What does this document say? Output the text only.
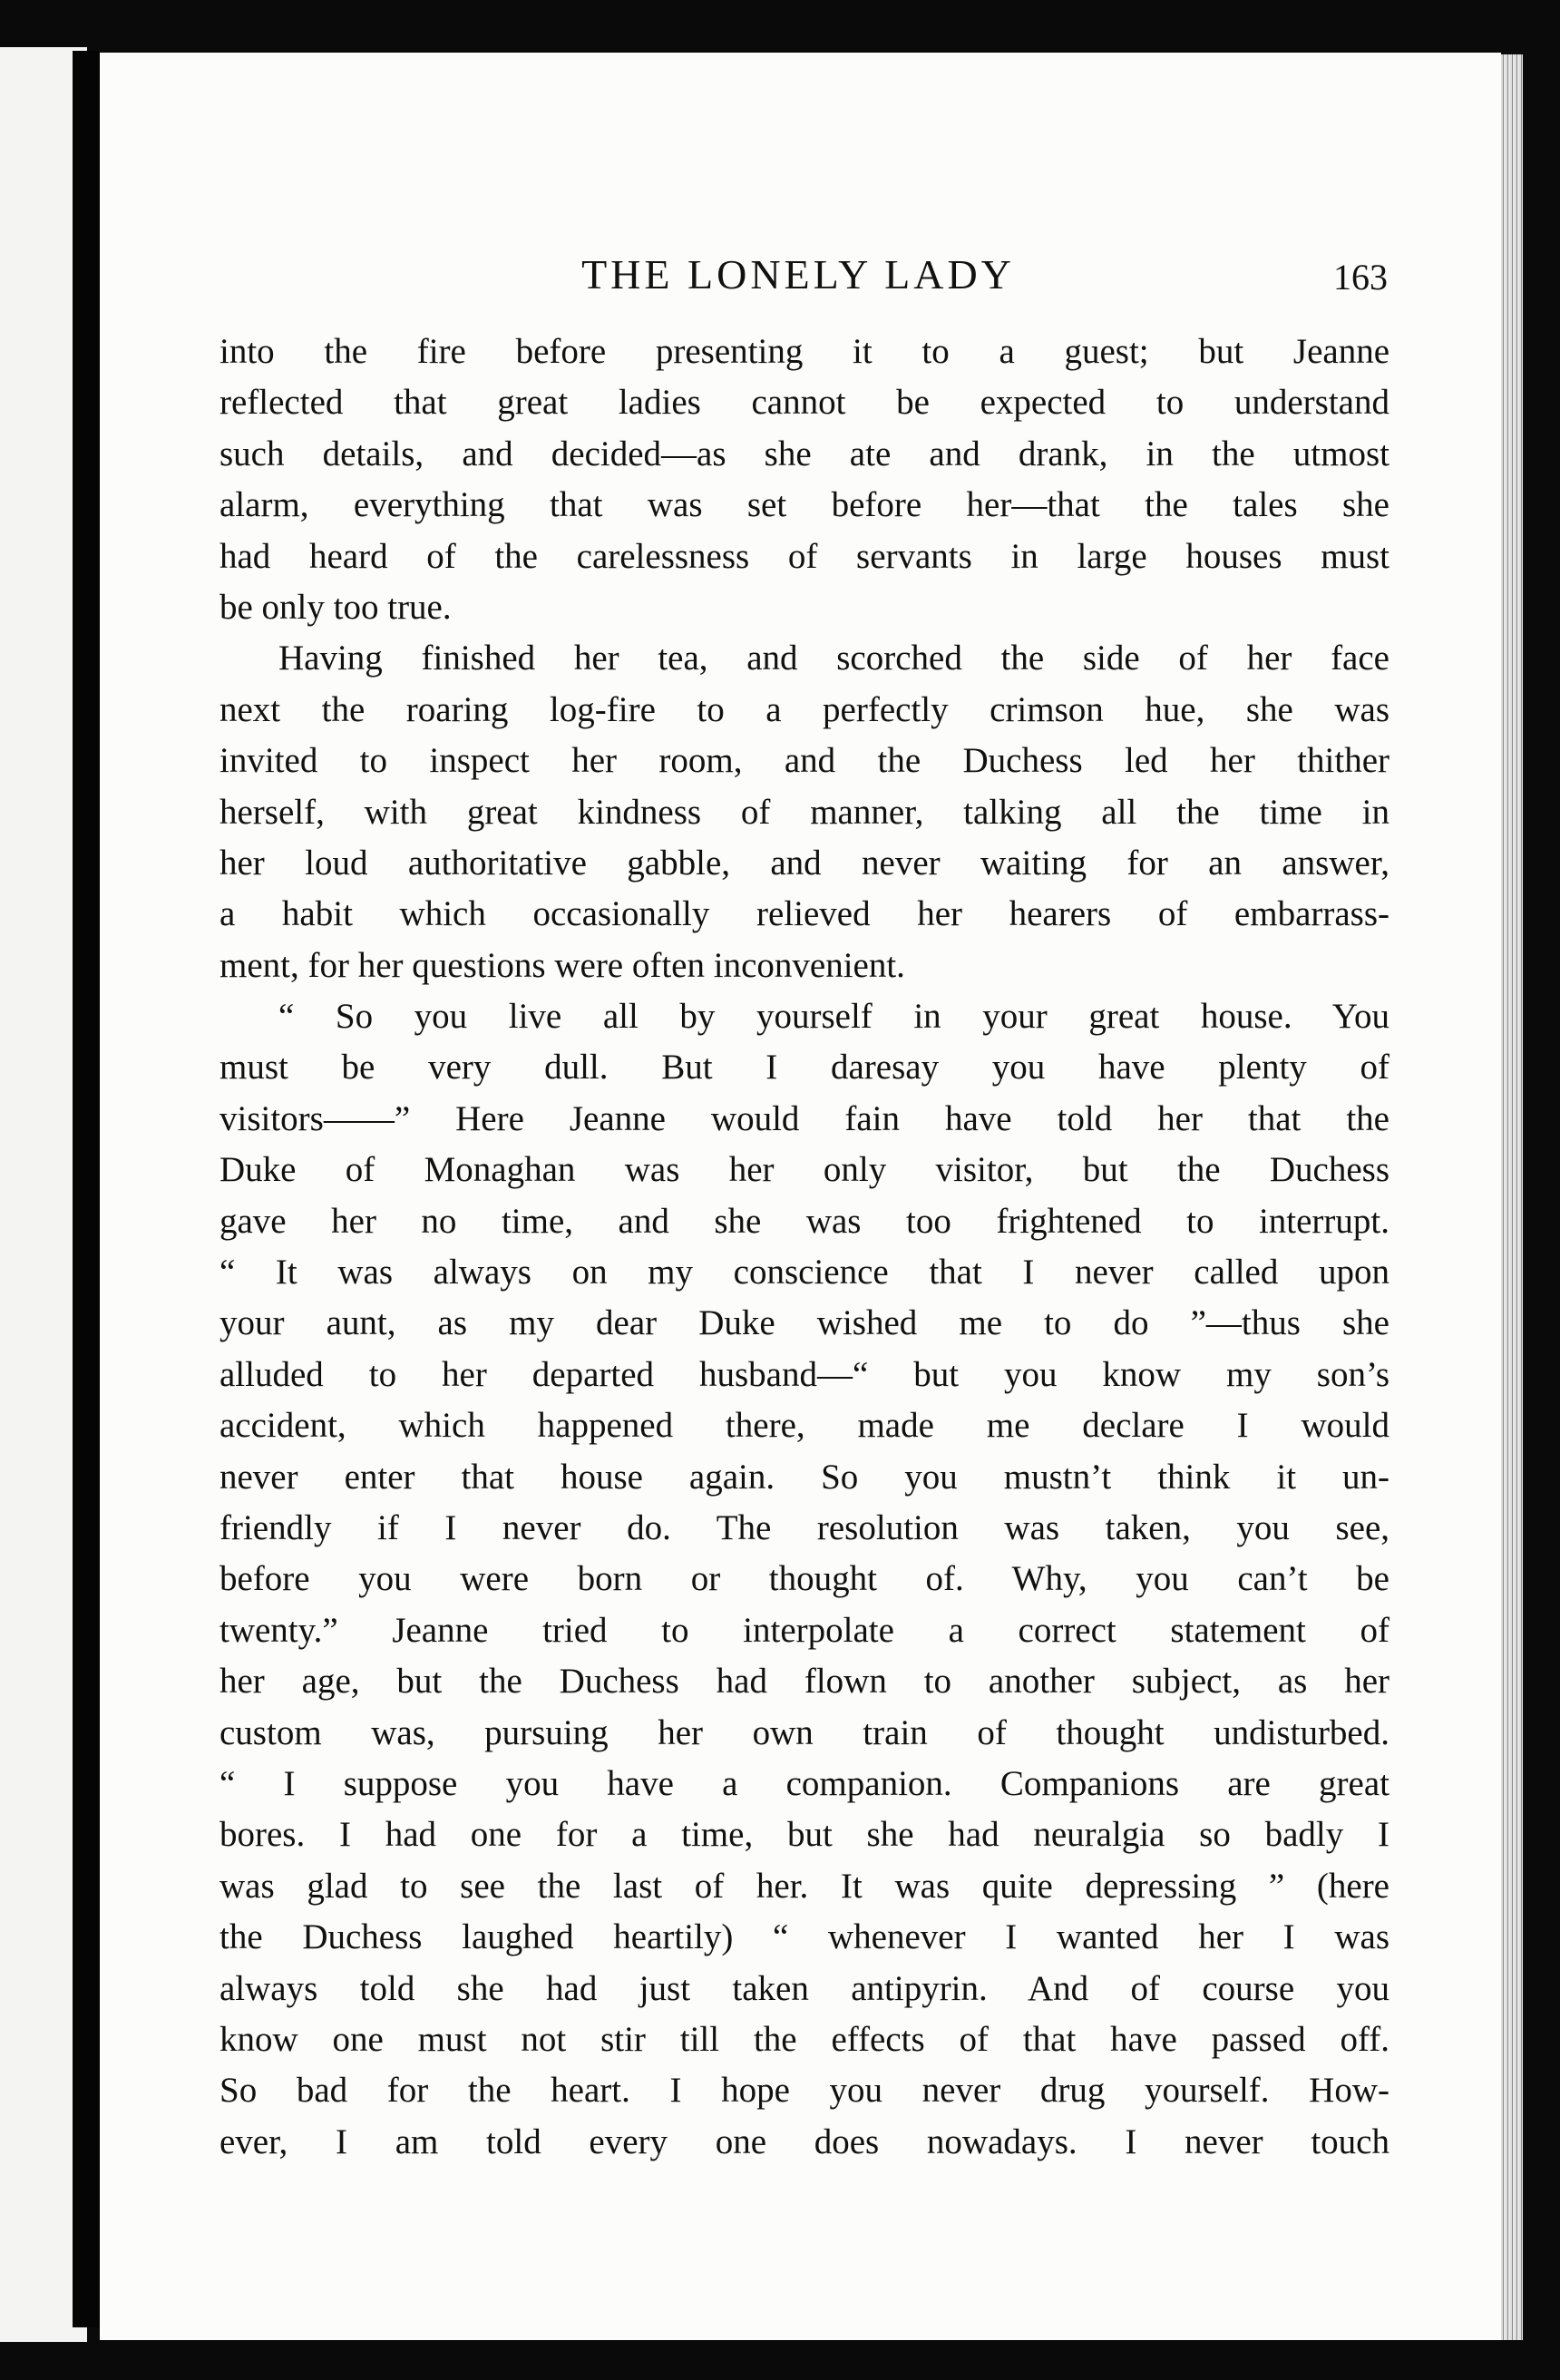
THE LONELY LADY	163
into the fire before presenting it to a guest; but Jeanne
reflected that great ladies cannot be expected to understand
such details, and decided—as she ate and drank, in the utmost
alarm, everything that was set before her—that the tales she
had heard of the carelessness of servants in large houses must
be only too true.
Having finished her tea, and scorched the side of her face
next the roaring log-fire to a perfectly crimson hue, she was
invited to inspect her room, and the Duchess led her thither
herself, with great kindness of manner, talking all the time in
her loud authoritative gabble, and never waiting for an answer,
a habit which occasionally relieved her hearers of embarrass-
ment, for her questions were often inconvenient.
“ So you live all by yourself in your great house. You
must be very dull. But I daresay you have plenty of
visitors——” Here Jeanne would fain have told her that the
Duke of Monaghan was her only visitor, but the Duchess
gave her no time, and she was too frightened to interrupt.
“ It was always on my conscience that I never called upon
your aunt, as my dear Duke wished me to do ”—thus she
alluded to her departed husband—“ but you know my son’s
accident, which happened there, made me declare I would
never enter that house again. So you mustn’t think it un-
friendly if I never do. The resolution was taken, you see,
before you were born or thought of. Why, you can’t be
twenty.” Jeanne tried to interpolate a correct statement of
her age, but the Duchess had flown to another subject, as her
custom was, pursuing her own train of thought undisturbed.
“ I suppose you have a companion. Companions are great
bores. I had one for a time, but she had neuralgia so badly I
was glad to see the last of her. It was quite depressing ” (here
the Duchess laughed heartily) “ whenever I wanted her I was
always told she had just taken antipyrin. And of course you
know one must not stir till the effects of that have passed off.
So bad for the heart. I hope you never drug yourself. How-
ever, I am told every one does nowadays. I never touch
